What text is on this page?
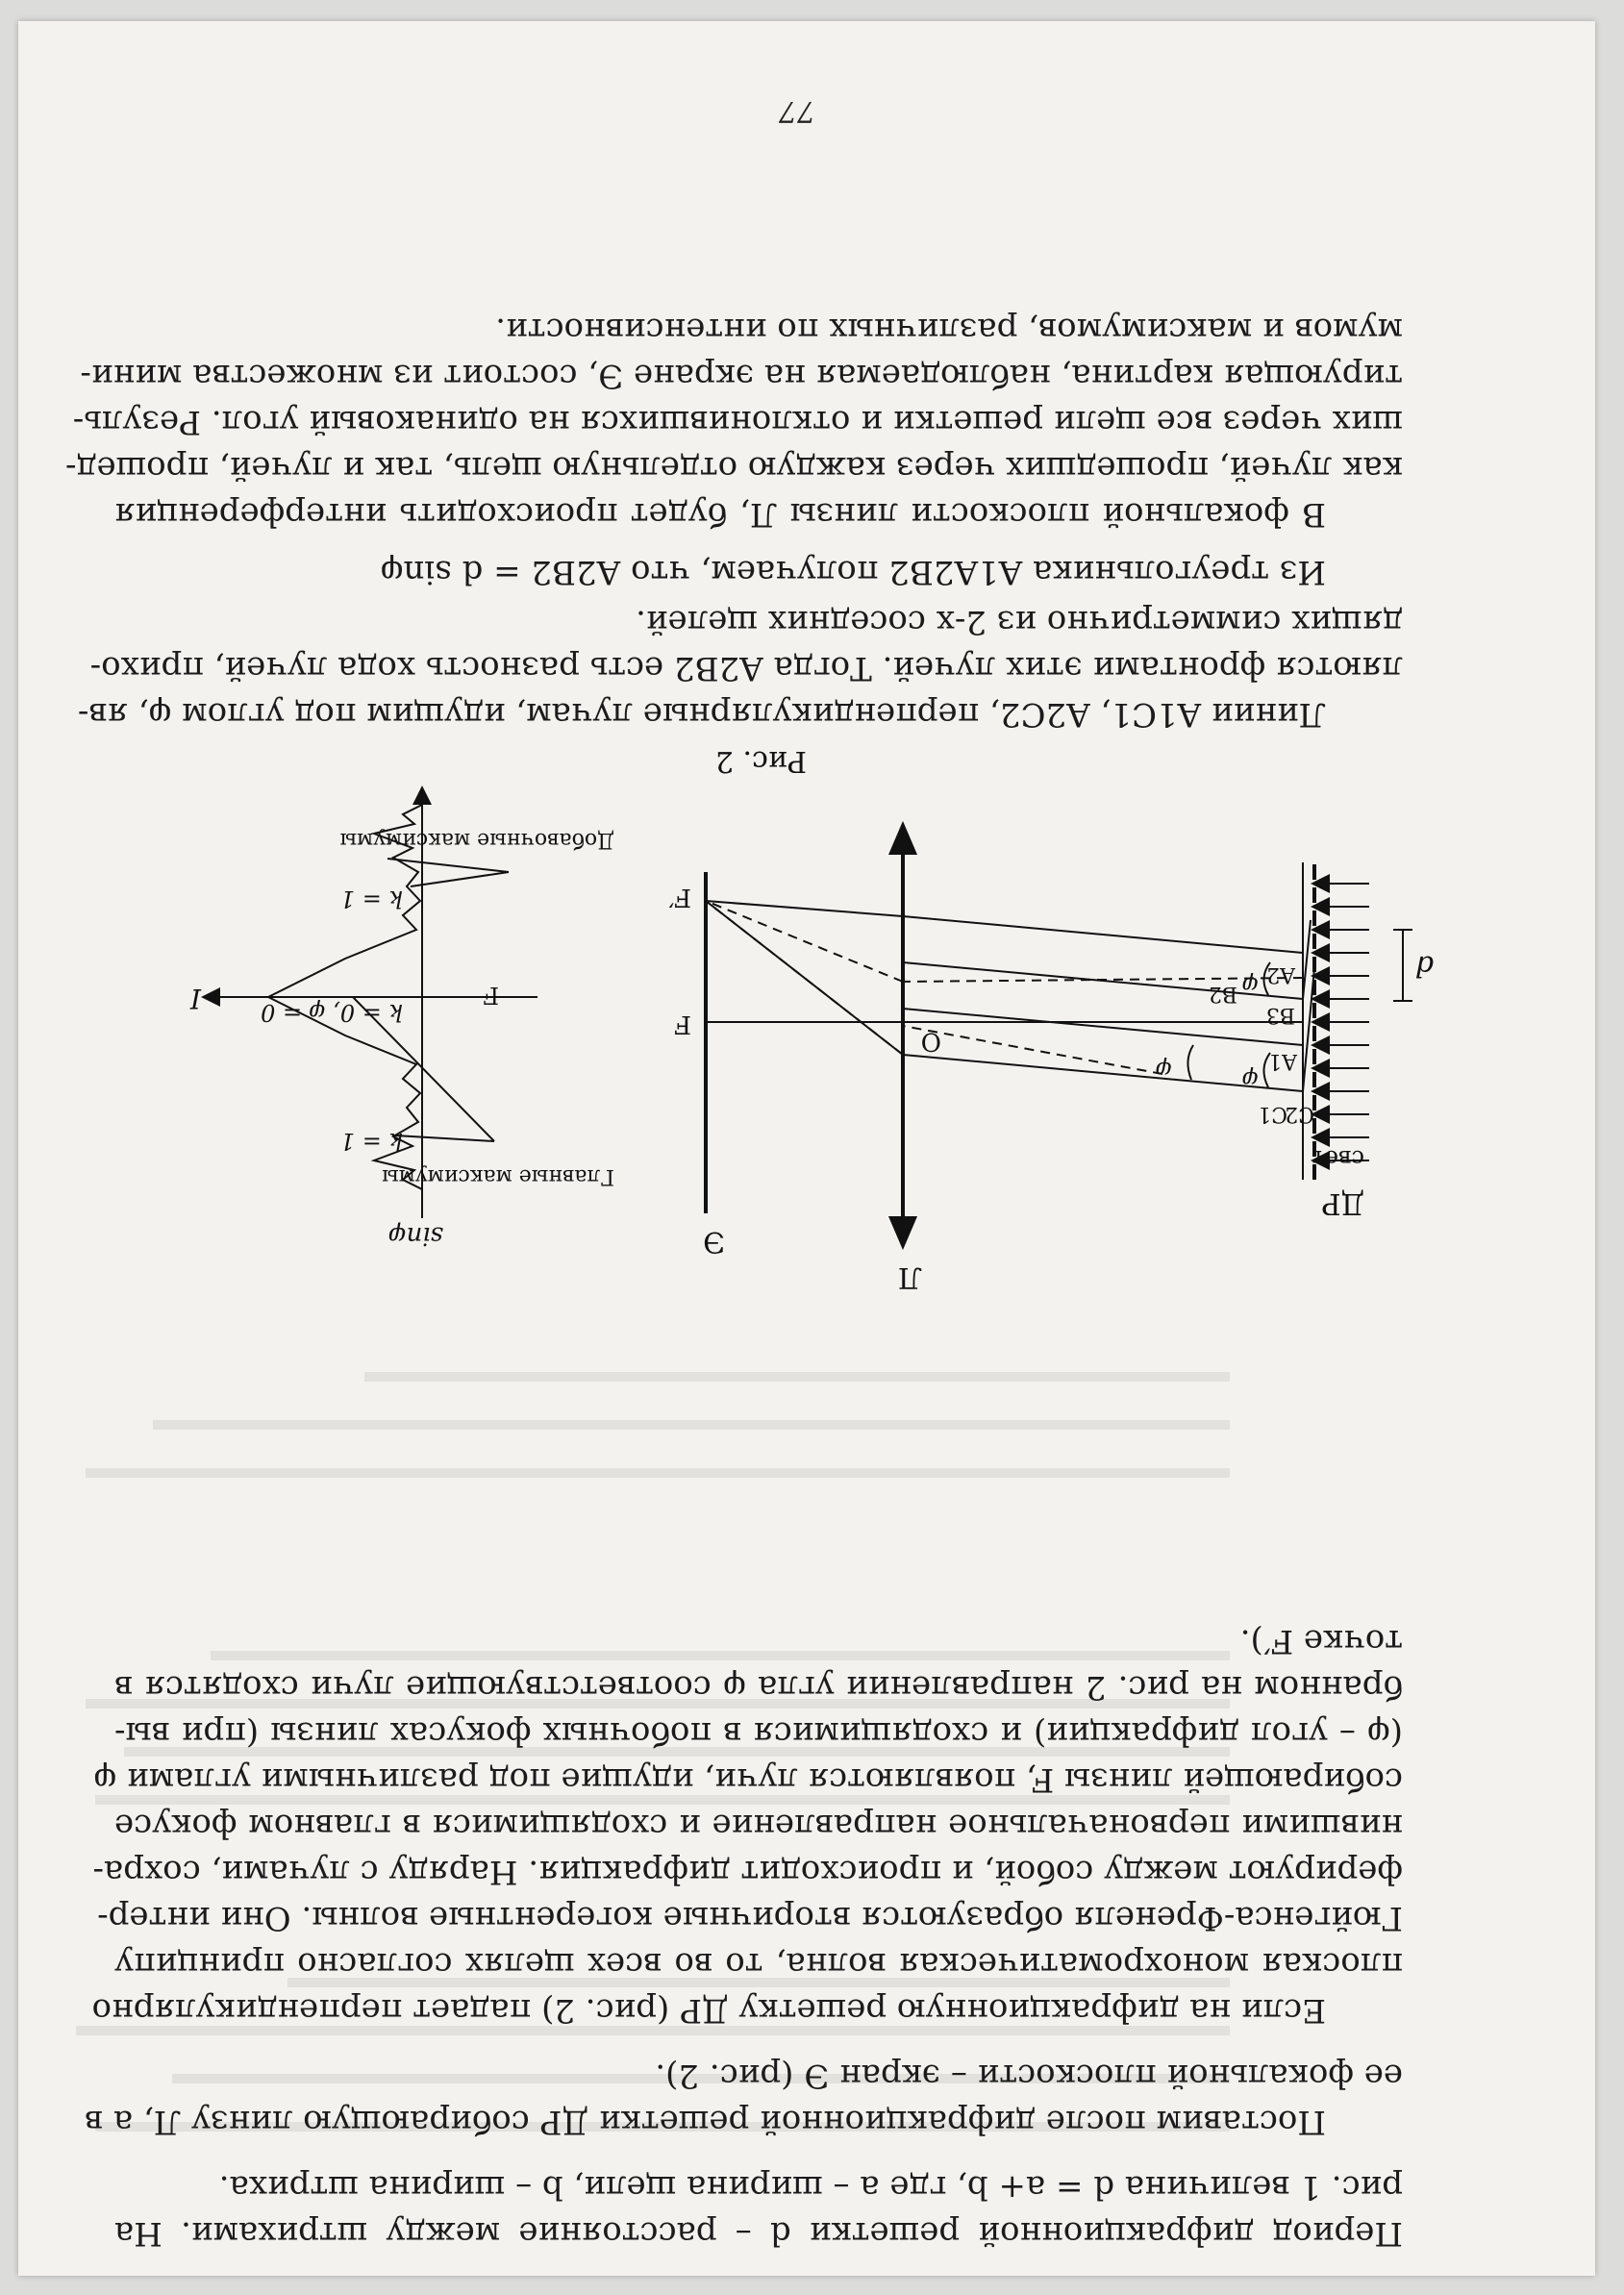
Период дифракционной решетки d – расстояние между штрихами. На
рис. 1 величина d = a+ b, где a – ширина щели, b – ширина штриха.

Поставим после дифракционной решетки ДР собирающую линзу Л, а в
ее фокальной плоскости – экран Э (рис. 2).

Если на дифракционную решетку ДР (рис. 2) падает перпендикулярно
плоская монохроматическая волна, то во всех щелях согласно принципу
Гюйгенса-Френеля образуются вторичные когерентные волны. Они интер-
ферируют между собой, и происходит дифракция. Наряду с лучами, сохра-
нившими первоначальное направление и сходящимися в главном фокусе
собирающей линзы F, появляются лучи, идущие под различными углами φ
(φ – угол дифракции) и сходящимися в побочных фокусах линзы (при вы-
бранном на рис. 2 направлении угла φ соответствующие лучи сходятся в
точке F′).

ДР
Л
Э
свет
C2
C1
A1
B3
A2
B2
O
F
F′
d
φ
φ
φ
I
sinφ
F
k = 1
k = 0, φ = 0
k = 1
Главные максимумы
Добавочные максимумы
Рис. 2

Линии A1C1, A2C2, перпендикулярные лучам, идущим под углом φ, яв-
ляются фронтами этих лучей. Тогда A2B2 есть разность хода лучей, прихо-
дящих симметрично из 2-х соседних щелей.

Из треугольника A1A2B2 получаем, что A2B2 = d sinφ

В фокальной плоскости линзы Л, будет происходить интерференция
как лучей, прошедших через каждую отдельную щель, так и лучей, прошед-
ших через все щели решетки и отклонившихся на одинаковый угол. Резуль-
тирующая картина, наблюдаемая на экране Э, состоит из множества мини-
мумов и максимумов, различных по интенсивности.

77
